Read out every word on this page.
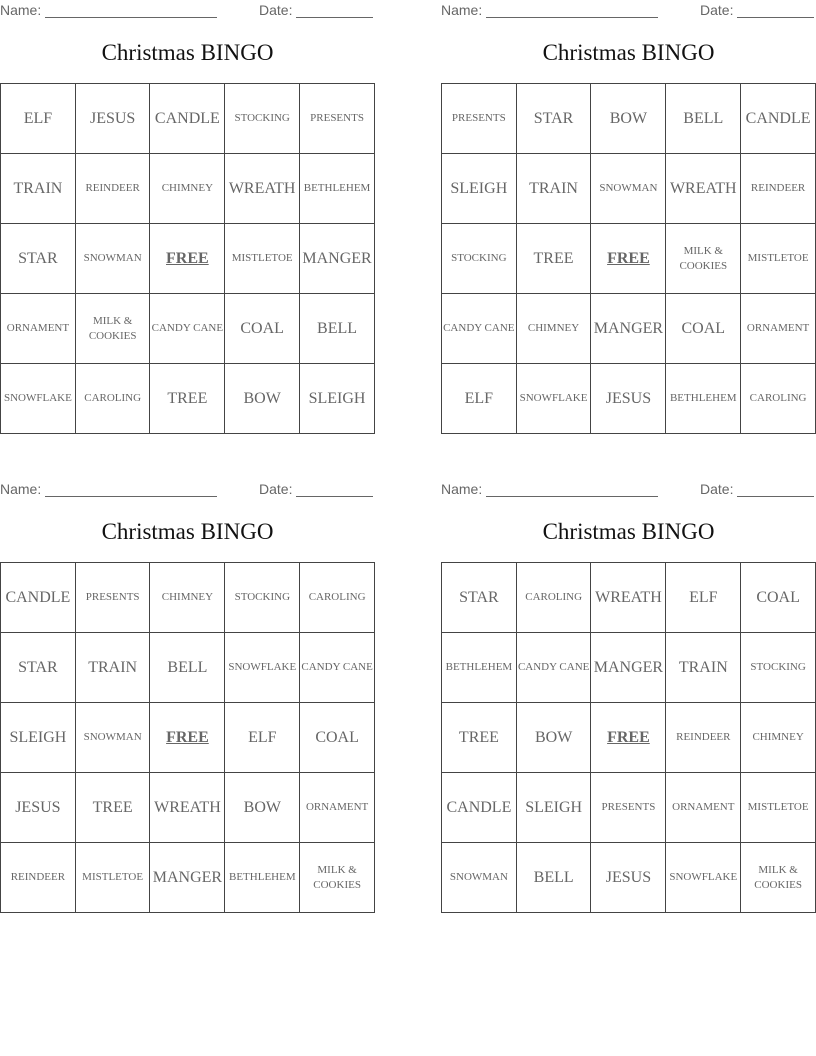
Name:	Date:
Christmas BINGO
ELF	JESUS	CANDLE	STOCKING	PRESENTS
TRAIN	REINDEER	CHIMNEY	WREATH	BETHLEHEM
STAR	SNOWMAN	FREE	MISTLETOE	MANGER
ORNAMENT	MILK & COOKIES	CANDY CANE	COAL	BELL
SNOWFLAKE	CAROLING	TREE	BOW	SLEIGH
Name:	Date:
Christmas BINGO
PRESENTS	STAR	BOW	BELL	CANDLE
SLEIGH	TRAIN	SNOWMAN	WREATH	REINDEER
STOCKING	TREE	FREE	MILK & COOKIES	MISTLETOE
CANDY CANE	CHIMNEY	MANGER	COAL	ORNAMENT
ELF	SNOWFLAKE	JESUS	BETHLEHEM	CAROLING
Name:	Date:
Christmas BINGO
CANDLE	PRESENTS	CHIMNEY	STOCKING	CAROLING
STAR	TRAIN	BELL	SNOWFLAKE	CANDY CANE
SLEIGH	SNOWMAN	FREE	ELF	COAL
JESUS	TREE	WREATH	BOW	ORNAMENT
REINDEER	MISTLETOE	MANGER	BETHLEHEM	MILK & COOKIES
Name:	Date:
Christmas BINGO
STAR	CAROLING	WREATH	ELF	COAL
BETHLEHEM	CANDY CANE	MANGER	TRAIN	STOCKING
TREE	BOW	FREE	REINDEER	CHIMNEY
CANDLE	SLEIGH	PRESENTS	ORNAMENT	MISTLETOE
SNOWMAN	BELL	JESUS	SNOWFLAKE	MILK & COOKIES
